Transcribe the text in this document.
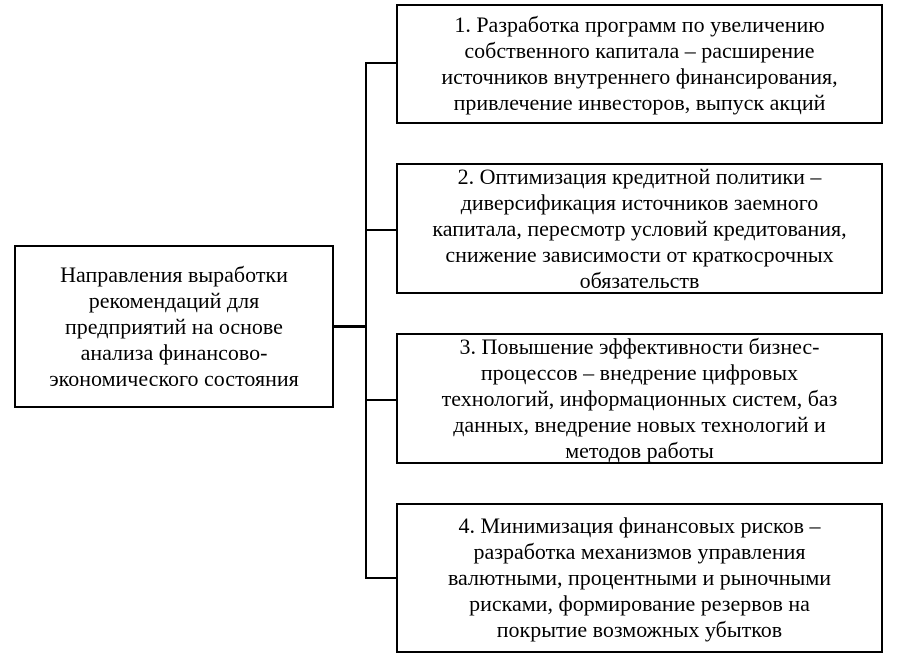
Направления выработки
рекомендаций для
предприятий на основе
анализа финансово-
экономического состояния
1. Разработка программ по увеличению
собственного капитала – расширение
источников внутреннего финансирования,
привлечение инвесторов, выпуск акций
2. Оптимизация кредитной политики –
диверсификация источников заемного
капитала, пересмотр условий кредитования,
снижение зависимости от краткосрочных
обязательств
3. Повышение эффективности бизнес-
процессов – внедрение цифровых
технологий, информационных систем, баз
данных, внедрение новых технологий и
методов работы
4. Минимизация финансовых рисков –
разработка механизмов управления
валютными, процентными и рыночными
рисками, формирование резервов на
покрытие возможных убытков
